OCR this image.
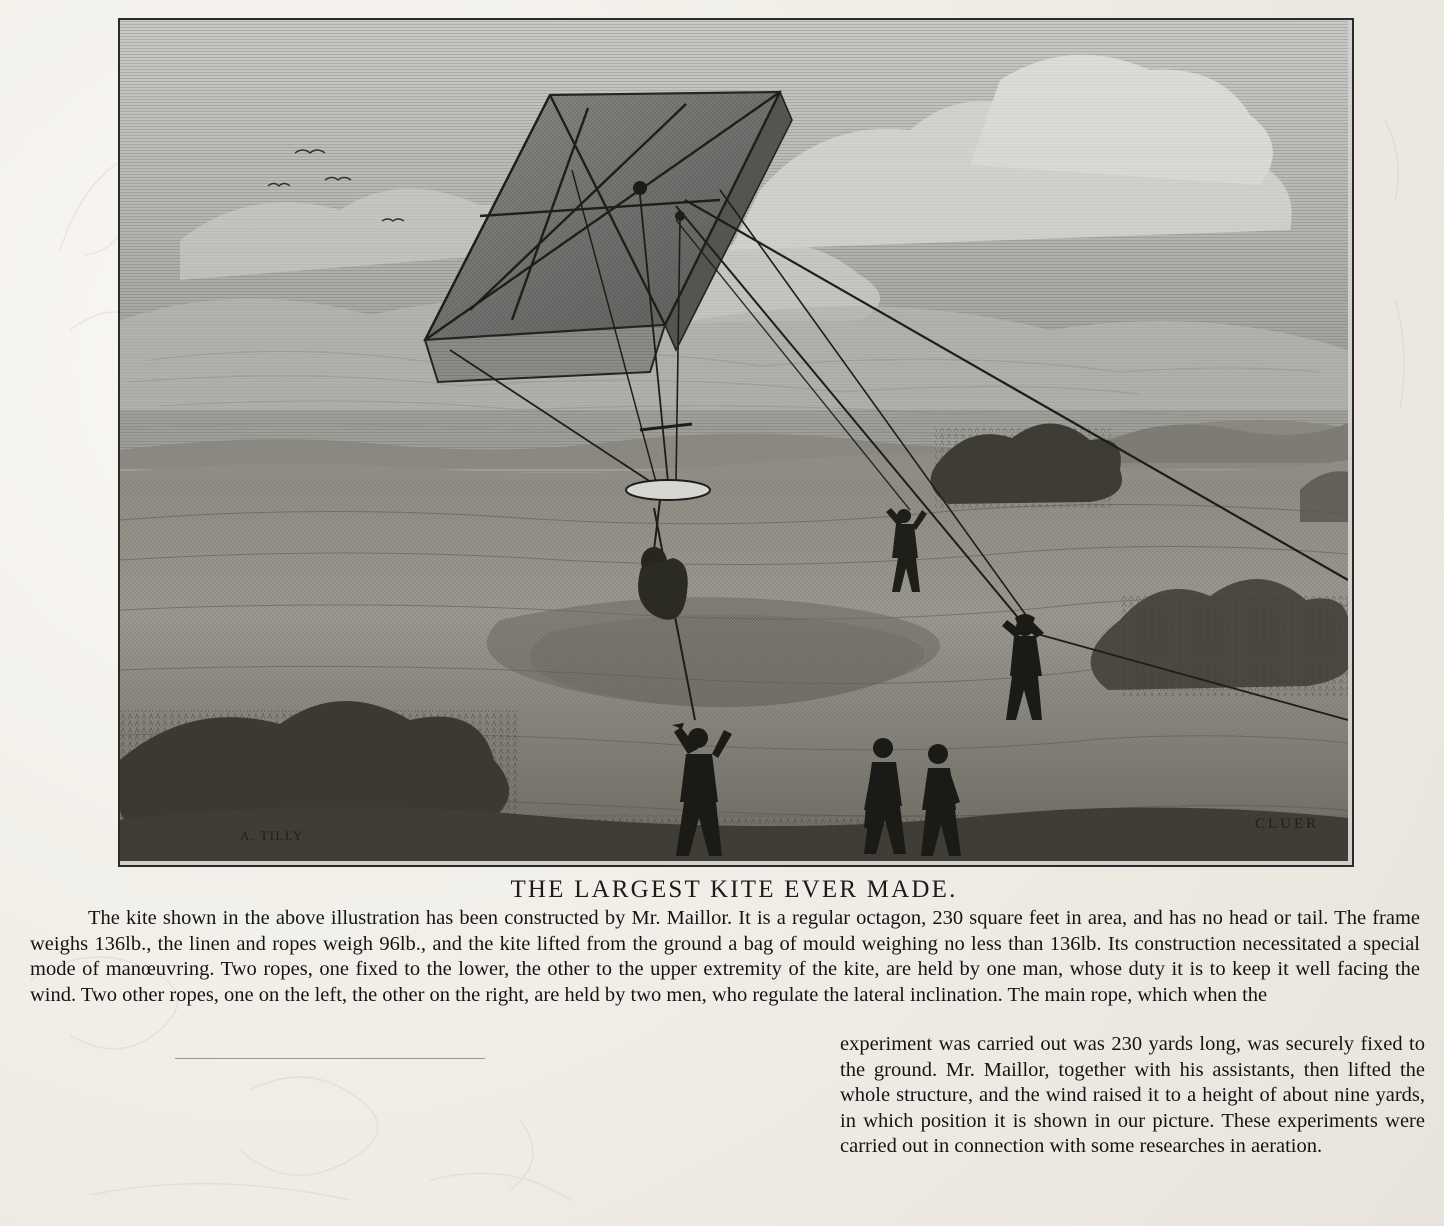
CLUER
A. TILLY
THE LARGEST KITE EVER MADE.

The kite shown in the above illustration has been constructed by Mr. Maillor. It is a regular octagon, 230 square feet in area, and has no head or tail. The frame weighs 136lb., the linen and ropes weigh 96lb., and the kite lifted from the ground a bag of mould weighing no less than 136lb. Its construction necessitated a special mode of manœuvring. Two ropes, one fixed to the lower, the other to the upper extremity of the kite, are held by one man, whose duty it is to keep it well facing the wind. Two other ropes, one on the left, the other on the right, are held by two men, who regulate the lateral inclination. The main rope, which when the

experiment was carried out was 230 yards long, was securely fixed to the ground. Mr. Maillor, together with his assistants, then lifted the whole structure, and the wind raised it to a height of about nine yards, in which position it is shown in our picture. These experiments were carried out in connection with some researches in aeration.
